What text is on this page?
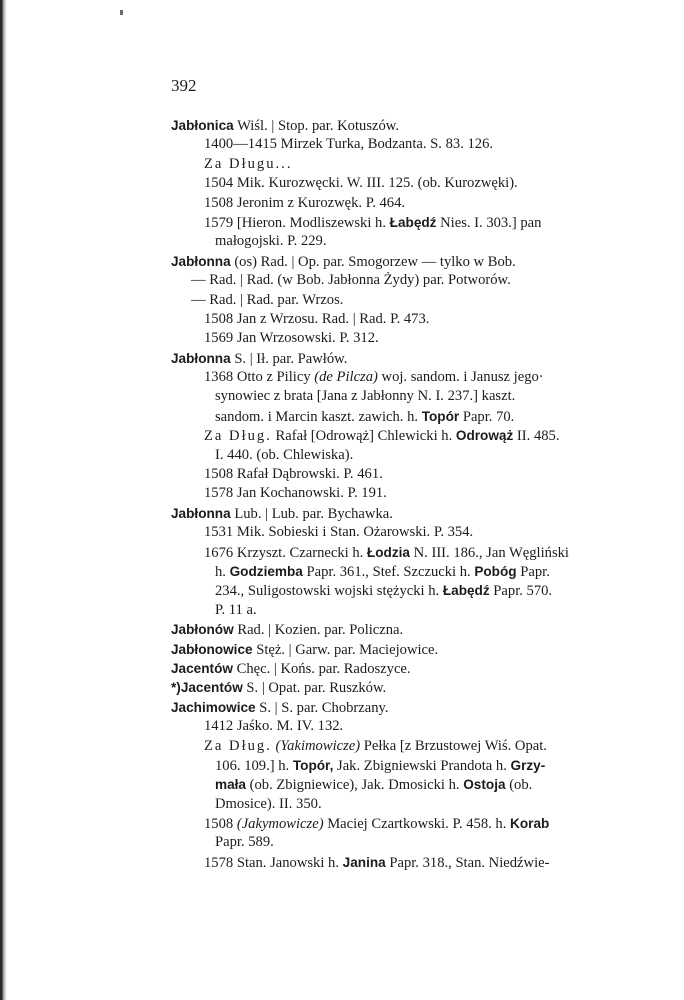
392
Jabłonica Wiśl. | Stop. par. Kotuszów.
1400—1415 Mirzek Turka, Bodzanta. S. 83. 126.
Za Długu...
1504 Mik. Kurozwęcki. W. III. 125. (ob. Kurozwęki).
1508 Jeronim z Kurozwęk. P. 464.
1579 [Hieron. Modliszewski h. Łabędź Nies. I. 303.] pan
małogojski. P. 229.
Jabłonna (os) Rad. | Op. par. Smogorzew — tylko w Bob.
— Rad. | Rad. (w Bob. Jabłonna Żydy) par. Potworów.
— Rad. | Rad. par. Wrzos.
1508 Jan z Wrzosu. Rad. | Rad. P. 473.
1569 Jan Wrzosowski. P. 312.
Jabłonna S. | Ił. par. Pawłów.
1368 Otto z Pilicy (de Pilcza) woj. sandom. i Janusz jego·
synowiec z brata [Jana z Jabłonny N. I. 237.] kaszt.
sandom. i Marcin kaszt. zawich. h. Topór Papr. 70.
Za Dług. Rafał [Odrowąż] Chlewicki h. Odrowąż II. 485.
I. 440. (ob. Chlewiska).
1508 Rafał Dąbrowski. P. 461.
1578 Jan Kochanowski. P. 191.
Jabłonna Lub. | Lub. par. Bychawka.
1531 Mik. Sobieski i Stan. Ożarowski. P. 354.
1676 Krzyszt. Czarnecki h. Łodzia N. III. 186., Jan Węgliński
h. Godziemba Papr. 361., Stef. Szczucki h. Pobóg Papr.
234., Suligostowski wojski stężycki h. Łabędź Papr. 570.
P. 11 a.
Jabłonów Rad. | Kozien. par. Policzna.
Jabłonowice Stęż. | Garw. par. Maciejowice.
Jacentów Chęc. | Końs. par. Radoszyce.
*)Jacentów S. | Opat. par. Ruszków.
Jachimowice S. | S. par. Chobrzany.
1412 Jaśko. M. IV. 132.
Za Dług. (Yakimowicze) Pełka [z Brzustowej Wiś. Opat.
106. 109.] h. Topór, Jak. Zbigniewski Prandota h. Grzy-
mała (ob. Zbigniewice), Jak. Dmosicki h. Ostoja (ob.
Dmosice). II. 350.
1508 (Jakymowicze) Maciej Czartkowski. P. 458. h. Korab
Papr. 589.
1578 Stan. Janowski h. Janina Papr. 318., Stan. Niedźwie-
